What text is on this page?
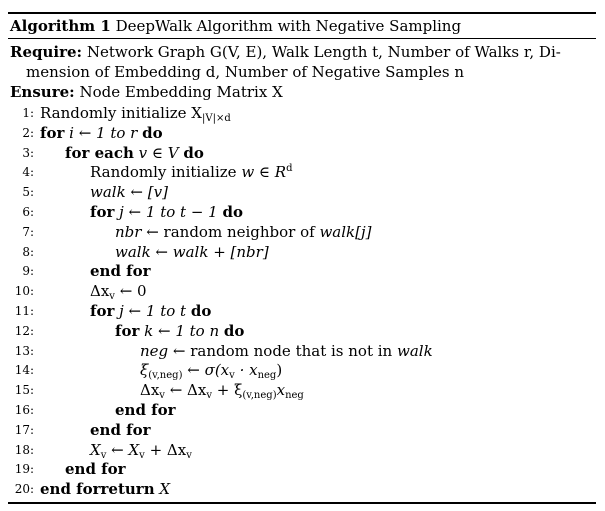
Algorithm 1 DeepWalk Algorithm with Negative Sampling
Require: Network Graph G(V, E), Walk Length t, Number of Walks r, Di-
mension of Embedding d, Number of Negative Samples n
Ensure: Node Embedding Matrix X
1: Randomly initialize $X_{|V|\times d}$
2: for i ← 1 to r do
3: for each v ∈ V do
4:	Randomly initialize w ∈ $R^d$
5:	walk ← [v]
6:	for j ← 1 to t − 1 do
7:	nbr ← random neighbor of walk[j]
8:	walk ← walk + [nbr]
9:	end for
10:	$\Delta x_v$ ← 0
11:	for j ← 1 to t do
12:	for k ← 1 to n do
13:	neg ← random node that is not in walk
14:	$\xi_{(v,neg)}$ ← $\sigma(x_v \cdot x_{neg})$
15:	$\Delta x_v$ ← $\Delta x_v + \xi_{(v,neg)}x_{neg}$
16:	end for
17:	end for
18:	$X_v$ ← $X_v + \Delta x_v$
19: end for
20: end forreturn X
